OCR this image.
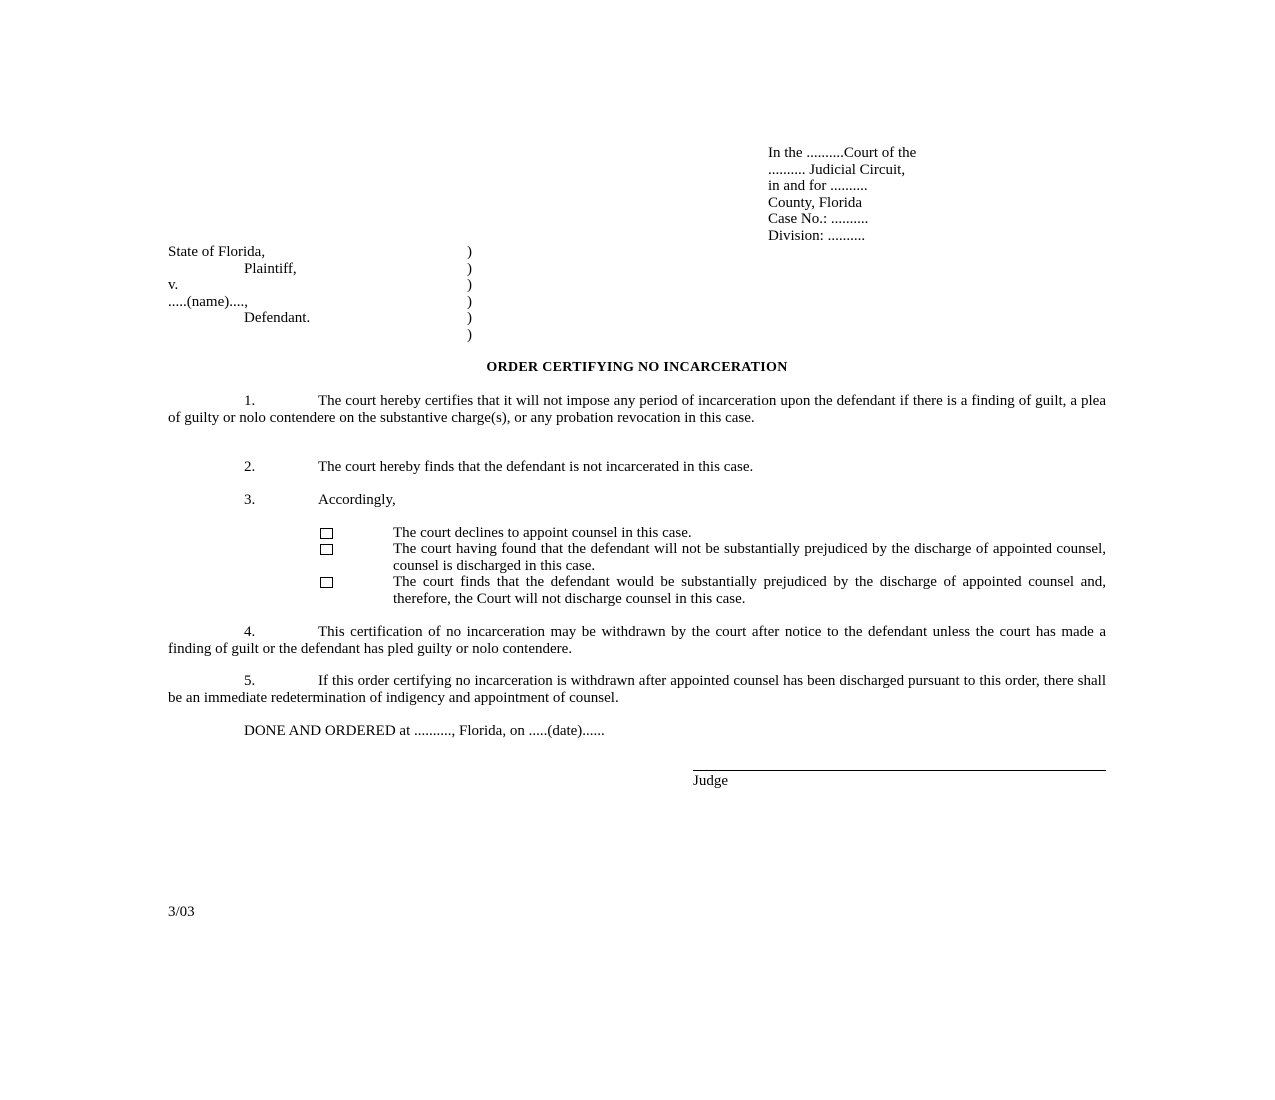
In the ..........Court of the
.......... Judicial Circuit,
in and for ..........
County, Florida
Case No.: ..........
Division: ..........
State of Florida,
Plaintiff,
v.
.....(name)....,
Defendant.
)
)
)
)
)
)
ORDER CERTIFYING NO INCARCERATION
1.	The court hereby certifies that it will not impose any period of incarceration upon the defendant if there is a finding of guilt, a plea of guilty or nolo contendere on the substantive charge(s), or any probation revocation in this case.
2.	The court hereby finds that the defendant is not incarcerated in this case.
3.	Accordingly,
The court declines to appoint counsel in this case.
The court having found that the defendant will not be substantially prejudiced by the discharge of appointed counsel, counsel is discharged in this case.
The court finds that the defendant would be substantially prejudiced by the discharge of appointed counsel and, therefore, the Court will not discharge counsel in this case.
4.	This certification of no incarceration may be withdrawn by the court after notice to the defendant unless the court has made a finding of guilt or the defendant has pled guilty or nolo contendere.
5.	If this order certifying no incarceration is withdrawn after appointed counsel has been discharged pursuant to this order, there shall be an immediate redetermination of indigency and appointment of counsel.
DONE AND ORDERED at .........., Florida, on .....(date)......
Judge
3/03
